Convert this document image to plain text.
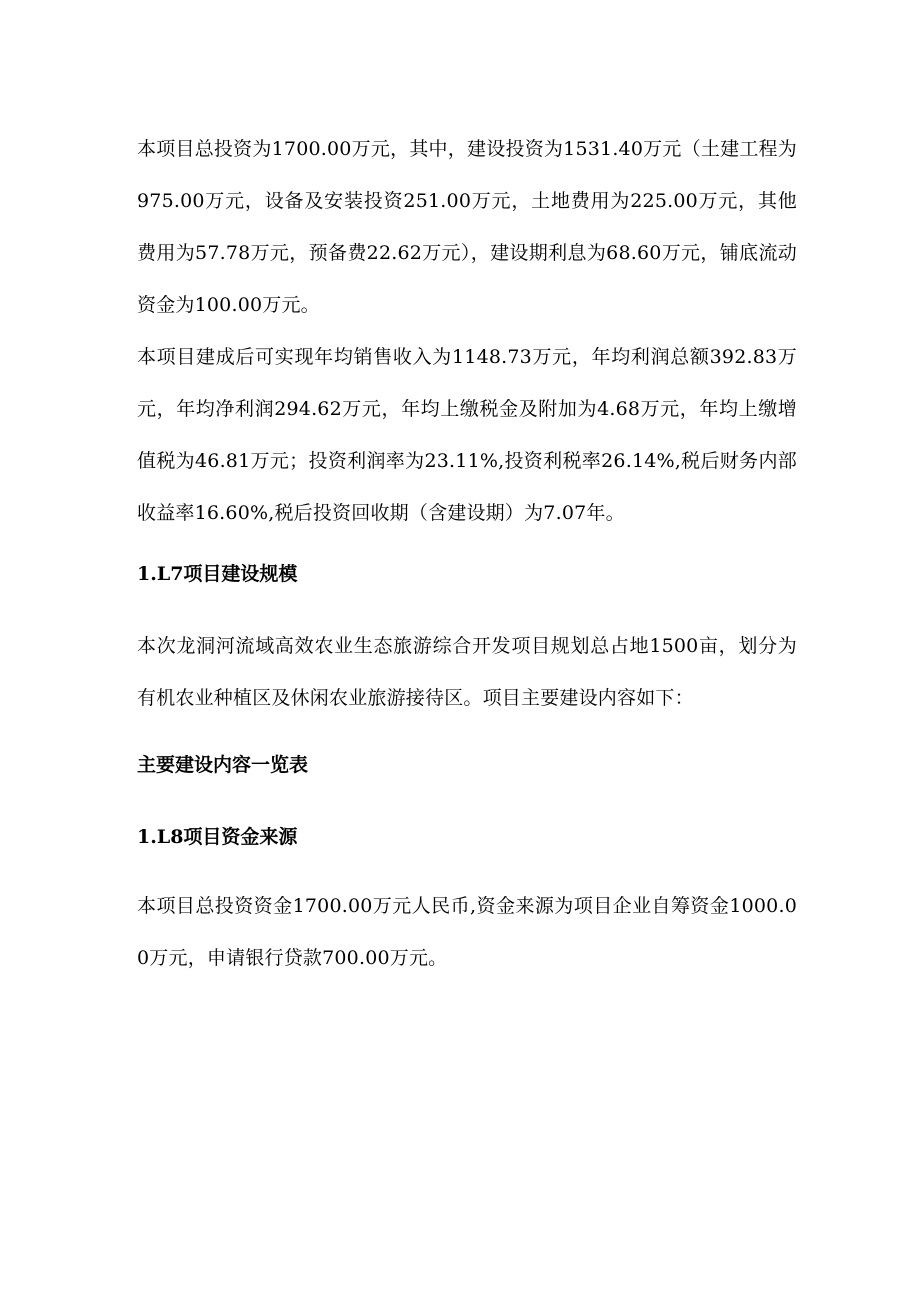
本项目总投资为1700.00万元，其中，建设投资为1531.40万元（土建工程为975.00万元，设备及安装投资251.00万元，土地费用为225.00万元，其他费用为57.78万元，预备费22.62万元），建设期利息为68.60万元，铺底流动资金为100.00万元。

本项目建成后可实现年均销售收入为1148.73万元，年均利润总额392.83万元，年均净利润294.62万元，年均上缴税金及附加为4.68万元，年均上缴增值税为46.81万元；投资利润率为23.11%,投资利税率26.14%,税后财务内部收益率16.60%,税后投资回收期（含建设期）为7.07年。

1.L7项目建设规模

本次龙洞河流域高效农业生态旅游综合开发项目规划总占地1500亩，划分为有机农业种植区及休闲农业旅游接待区。项目主要建设内容如下：

主要建设内容一览表
1.L8项目资金来源

本项目总投资资金1700.00万元人民币,资金来源为项目企业自筹资金1000.00万元，申请银行贷款700.00万元。
